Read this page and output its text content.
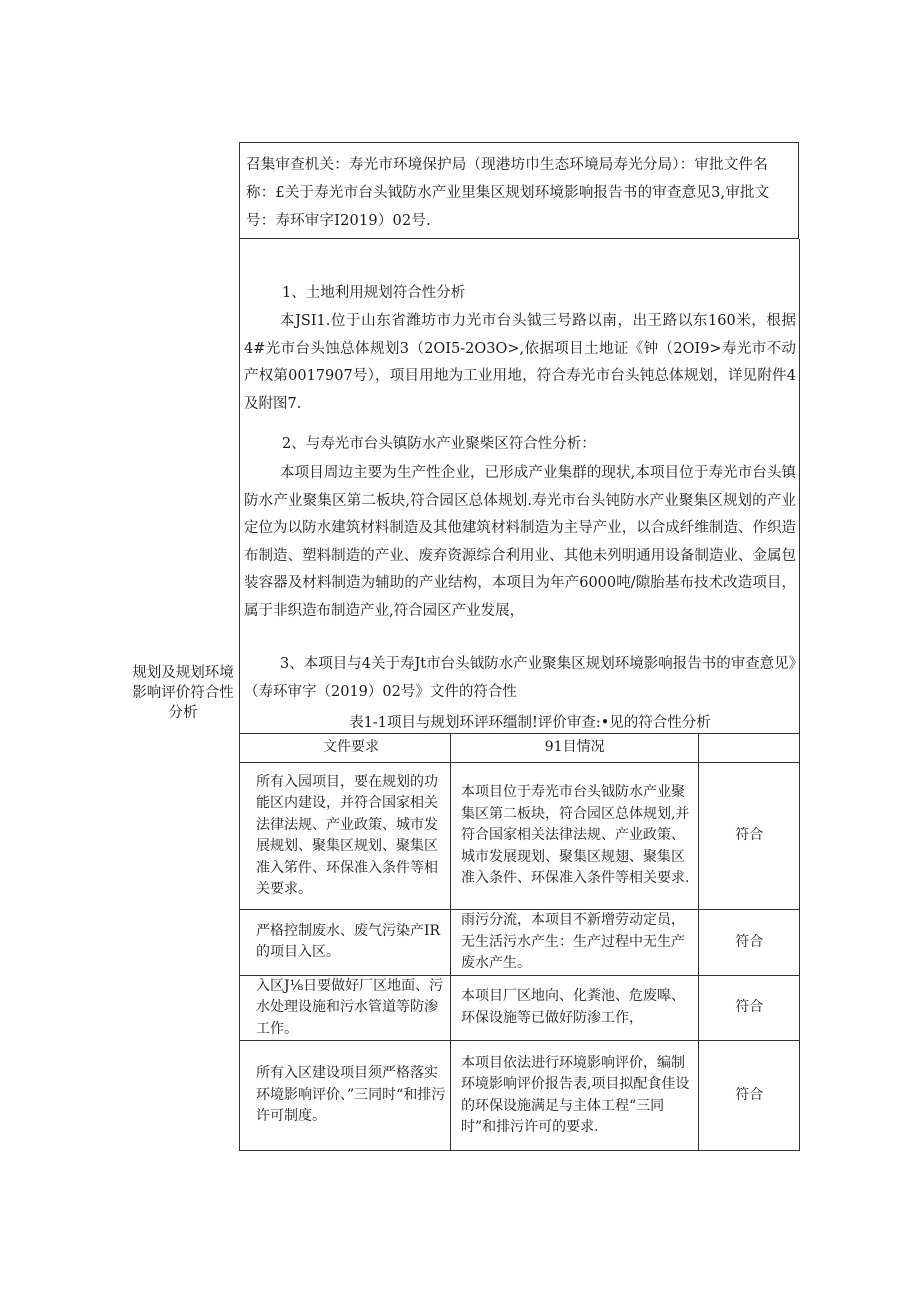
召集审查机关：寿光市环境保护局（现港坊巾生态环境局寿光分局）：审批文件名称：£关于寿光市台头钺防水产业里集区规划环境影响报告书的审查意见3,审批文号：寿环审字I2019）02号.
1、土地利用规划符合性分析
本JSI1.位于山东省潍坊市力光市台头钺三号路以南，出王路以东160米，根据4#光市台头蚀总体规划3（2OI5-2O3O>,依据项目土地证《钟（2OI9>寿光市不动产权第0017907号），项目用地为工业用地，符合寿光市台头钝总体规划，详见附件4及附图7.
2、与寿光市台头镇防水产业聚柴区符合性分析：
本项目周边主要为生产性企业，已形成产业集群的现状,本项目位于寿光市台头镇防水产业聚集区第二板块,符合园区总体规划.寿光市台头钝防水产业聚集区规划的产业定位为以防水建筑材料制造及其他建筑材料制造为主导产业，以合成纤维制造、作织造布制造、塑料制造的产业、废弃资源综合利用业、其他未列明通用设备制造业、金属包装容器及材料制造为辅助的产业结构，本项目为年产6000吨/隙胎基布技术改造项目，属于非织造布制造产业,符合园区产业发展，
3、本项目与4关于寿Jt市台头钺防水产业聚集区规划环境影响报告书的审查意见》（寿环审字（2019）02号》文件的符合性
规划及规划环境影响评价符合性分析
表1-1项目与规划环评环缰制!评价审查:•见的符合性分析
文件要求	91目情况	
所有入园项目，要在规划的功能区内建设，并符合国家相关法律法规、产业政策、城市发展规划、聚集区规划、聚集区准入笫件、环保准入条件等相关要求。	本项目位于寿光市台头钺防水产业聚集区第二板块，符合园区总体规划,并符合国家相关法律法规、产业政策、城市发展现划、聚集区规翅、聚集区准入条件、环保准入条件等相关要求.	符合
严格控制废水、废气污染产IR的项目入区。	雨污分流，本项目不新增劳动定员，无生活污水产生：生产过程中无生产废水产生。	符合
入区J⅛日要做好厂区地面、污水处理设施和污水管道等防渗工作。	本项目厂区地向、化粪池、危废嗥、环保设施等已做好防渗工作，	符合
所有入区建设项目须严格落实环境影响评价、”三同时“和排污许可制度。	本项目依法进行环境影响评价，编制环境影响评价报告表,项目拟配食佳设的环保设施满足与主体工程“三同时”和排污许可的要求.	符合
